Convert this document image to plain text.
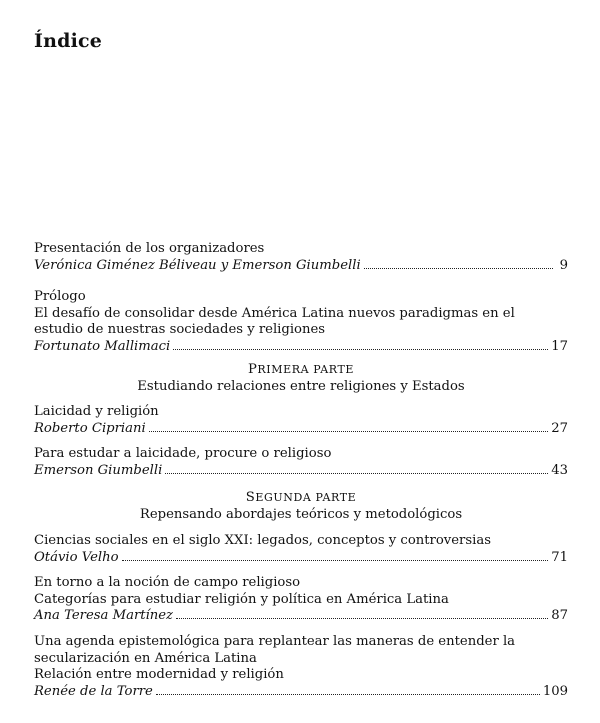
Índice
Presentación de los organizadores
Verónica Giménez Béliveau y Emerson Giumbelli	9
Prólogo
El desafío de consolidar desde América Latina nuevos paradigmas en el
estudio de nuestras sociedades y religiones
Fortunato Mallimaci	17
PRIMERA PARTE
Estudiando relaciones entre religiones y Estados
Laicidad y religión
Roberto Cipriani	27
Para estudar a laicidade, procure o religioso
Emerson Giumbelli	43
SEGUNDA PARTE
Repensando abordajes teóricos y metodológicos
Ciencias sociales en el siglo XXI: legados, conceptos y controversias
Otávio Velho	71
En torno a la noción de campo religioso
Categorías para estudiar religión y política en América Latina
Ana Teresa Martínez	87
Una agenda epistemológica para replantear las maneras de entender la
secularización en América Latina
Relación entre modernidad y religión
Renée de la Torre	109
